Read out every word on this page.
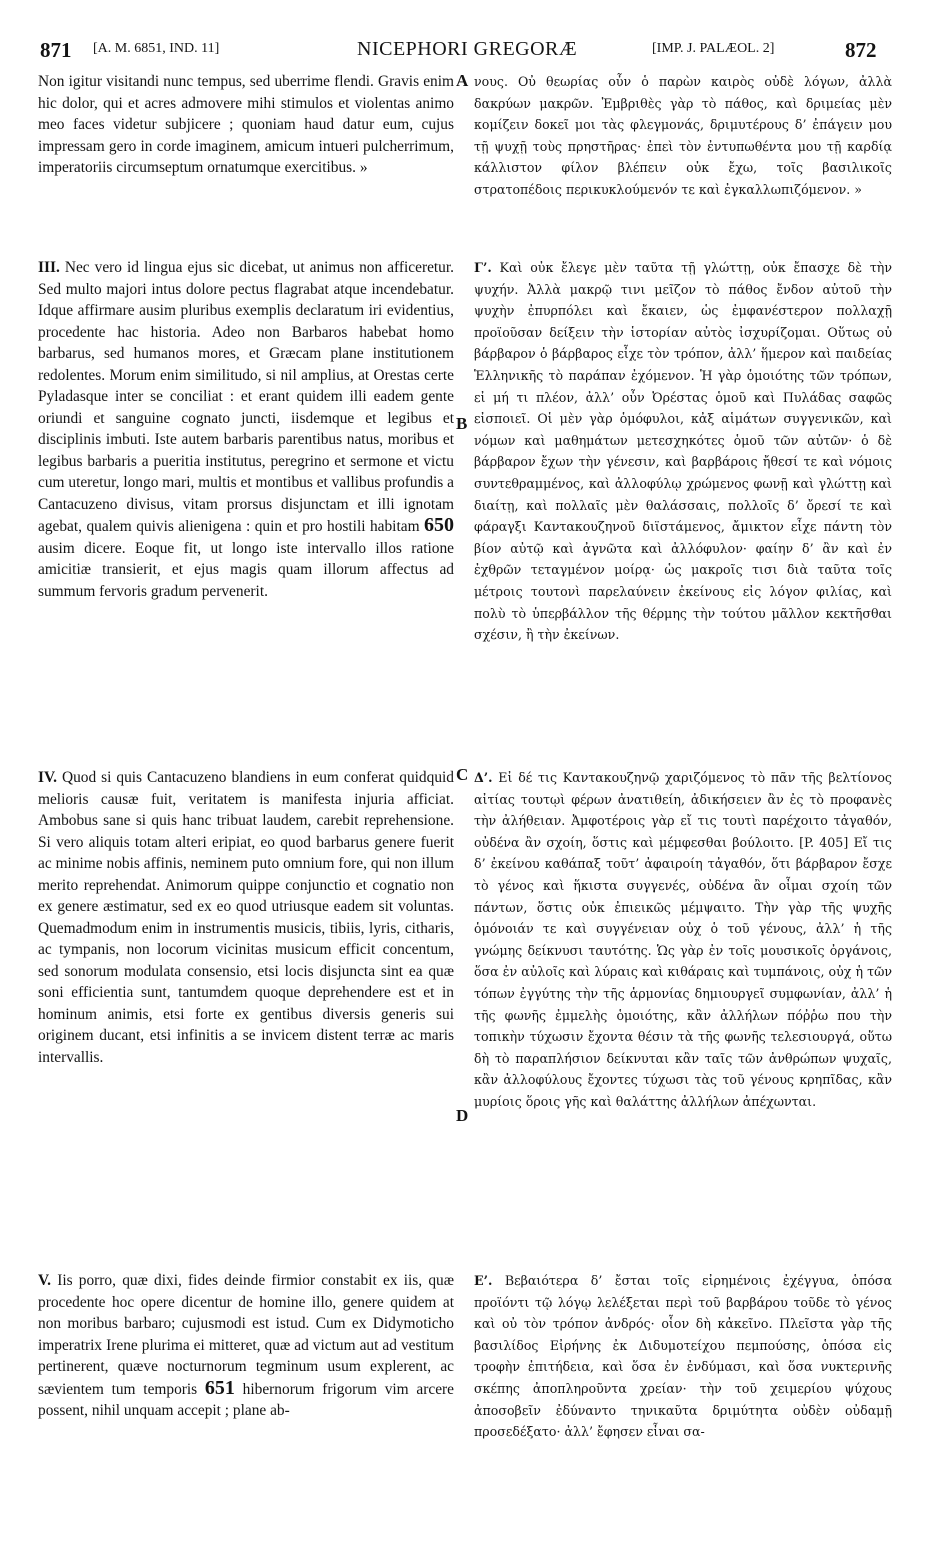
871 [A. M. 6851, IND. 11]	NICEPHORI GREGORÆ	[IMP. J. PALÆOL. 2]	872

Non igitur visitandi nunc tempus, sed uberrime flendi. Gravis enim hic dolor, qui et acres admovere mihi stimulos et violentas animo meo faces videtur subjicere ; quoniam haud datur eum, cujus impressam gero in corde imaginem, amicum intueri pulcherrimum, imperatoriis circumseptum ornatumque exercitibus. »

III. Nec vero id lingua ejus sic dicebat, ut animus non afficeretur. Sed multo majori intus dolore pectus flagrabat atque incendebatur. Idque affirmare ausim pluribus exemplis declaratum iri evidentius, procedente hac historia. Adeo non Barbaros habebat homo barbarus, sed humanos mores, et Græcam plane institutionem redolentes. Morum enim similitudo, si nil amplius, at Orestas certe Pyladasque inter se conciliat : et erant quidem illi eadem gente oriundi et sanguine cognato juncti, iisdemque et legibus et disciplinis imbuti. Iste autem barbaris parentibus natus, moribus et legibus barbaris a pueritia institutus, peregrino et sermone et victu cum uteretur, longo mari, multis et montibus et vallibus profundis a Cantacuzeno divisus, vitam prorsus disjunctam et illi ignotam agebat, qualem quivis alienigena : quin et pro hostili habitam 650 ausim dicere. Eoque fit, ut longo iste intervallo illos ratione amicitiæ transierit, et ejus magis quam illorum affectus ad summum fervoris gradum pervenerit.

IV. Quod si quis Cantacuzeno blandiens in eum conferat quidquid melioris causæ fuit, veritatem is manifesta injuria afficiat. Ambobus sane si quis hanc tribuat laudem, carebit reprehensione. Si vero aliquis totam alteri eripiat, eo quod barbarus genere fuerit ac minime nobis affinis, neminem puto omnium fore, qui non illum merito reprehendat. Animorum quippe conjunctio et cognatio non ex genere æstimatur, sed ex eo quod utriusque eadem sit voluntas. Quemadmodum enim in instrumentis musicis, tibiis, lyris, citharis, ac tympanis, non locorum vicinitas musicum efficit concentum, sed sonorum modulata consensio, etsi locis disjuncta sint ea quæ soni efficientia sunt, tantumdem quoque deprehendere est et in hominum animis, etsi forte ex gentibus diversis generis sui originem ducant, etsi infinitis a se invicem distent terræ ac maris intervallis.

V. Iis porro, quæ dixi, fides deinde firmior constabit ex iis, quæ procedente hoc opere dicentur de homine illo, genere quidem at non moribus barbaro; cujusmodi est istud. Cum ex Didymoticho imperatrix Irene plurima ei mitteret, quæ ad victum aut ad vestitum pertinerent, quæve nocturnorum tegminum usum explerent, ac sævientem tum temporis 651 hibernorum frigorum vim arcere possent, nihil unquam accepit ; plane ab-

A
B
C
D

νους. Οὐ θεωρίας οὖν ὁ παρὼν καιρὸς οὐδὲ λόγων, ἀλλὰ δακρύων μακρῶν. Ἐμβριθὲς γὰρ τὸ πάθος, καὶ δριμείας μὲν κομίζειν δοκεῖ μοι τὰς φλεγμονάς, δριμυτέρους δ’ ἐπάγειν μου τῇ ψυχῇ τοὺς πρηστῆρας· ἐπεὶ τὸν ἐντυπωθέντα μου τῇ καρδίᾳ κάλλιστον φίλον βλέπειν οὐκ ἔχω, τοῖς βασιλικοῖς στρατοπέδοις περικυκλούμενόν τε καὶ ἐγκαλλωπιζόμενον. »

Γ’. Καὶ οὐκ ἔλεγε μὲν ταῦτα τῇ γλώττῃ, οὐκ ἔπασχε δὲ τὴν ψυχήν. Ἀλλὰ μακρῷ τινι μεῖζον τὸ πάθος ἔνδον αὐτοῦ τὴν ψυχὴν ἐπυρπόλει καὶ ἔκαιεν, ὡς ἐμφανέστερον πολλαχῇ προϊοῦσαν δείξειν τὴν ἱστορίαν αὐτὸς ἰσχυρίζομαι. Οὕτως οὐ βάρβαρον ὁ βάρβαρος εἶχε τὸν τρόπον, ἀλλ’ ἥμερον καὶ παιδείας Ἑλληνικῆς τὸ παράπαν ἐχόμενον. Ἡ γὰρ ὁμοιότης τῶν τρόπων, εἰ μή τι πλέον, ἀλλ’ οὖν Ὀρέστας ὁμοῦ καὶ Πυλάδας σαφῶς εἰσποιεῖ. Οἱ μὲν γὰρ ὁμόφυλοι, κἀξ αἱμάτων συγγενικῶν, καὶ νόμων καὶ μαθημάτων μετεσχηκότες ὁμοῦ τῶν αὐτῶν· ὁ δὲ βάρβαρον ἔχων τὴν γένεσιν, καὶ βαρβάροις ἤθεσί τε καὶ νόμοις συντεθραμμένος, καὶ ἀλλοφύλῳ χρώμενος φωνῇ καὶ γλώττῃ καὶ διαίτῃ, καὶ πολλαῖς μὲν θαλάσσαις, πολλοῖς δ’ ὄρεσί τε καὶ φάραγξι Καντακουζηνοῦ διϊστάμενος, ἄμικτον εἶχε πάντη τὸν βίον αὐτῷ καὶ ἀγνῶτα καὶ ἀλλόφυλον· φαίην δ’ ἂν καὶ ἐν ἐχθρῶν τεταγμένον μοίρᾳ· ὡς μακροῖς τισι διὰ ταῦτα τοῖς μέτροις τουτονὶ παρελαύνειν ἐκείνους εἰς λόγον φιλίας, καὶ πολὺ τὸ ὑπερβάλλον τῆς θέρμης τὴν τούτου μᾶλλον κεκτῆσθαι σχέσιν, ἢ τὴν ἐκείνων.

Δ’. Εἰ δέ τις Καντακουζηνῷ χαριζόμενος τὸ πᾶν τῆς βελτίονος αἰτίας τουτῳὶ φέρων ἀνατιθείη, ἀδικήσειεν ἂν ἐς τὸ προφανὲς τὴν ἀλήθειαν. Ἀμφοτέροις γὰρ εἴ τις τουτὶ παρέχοιτο τἀγαθόν, οὐδένα ἂν σχοίη, ὅστις καὶ μέμφεσθαι βούλοιτο. [P. 405] Εἴ τις δ’ ἐκείνου καθάπαξ τοῦτ’ ἀφαιροίη τἀγαθόν, ὅτι βάρβαρον ἔσχε τὸ γένος καὶ ἥκιστα συγγενές, οὐδένα ἂν οἶμαι σχοίη τῶν πάντων, ὅστις οὐκ ἐπιεικῶς μέμψαιτο. Τὴν γὰρ τῆς ψυχῆς ὁμόνοιάν τε καὶ συγγένειαν οὐχ ὁ τοῦ γένους, ἀλλ’ ἡ τῆς γνώμης δείκνυσι ταυτότης. Ὡς γὰρ ἐν τοῖς μουσικοῖς ὀργάνοις, ὅσα ἐν αὐλοῖς καὶ λύραις καὶ κιθάραις καὶ τυμπάνοις, οὐχ ἡ τῶν τόπων ἐγγύτης τὴν τῆς ἁρμονίας δημιουργεῖ συμφωνίαν, ἀλλ’ ἡ τῆς φωνῆς ἐμμελὴς ὁμοιότης, κἂν ἀλλήλων πόῤῥω που τὴν τοπικὴν τύχωσιν ἔχοντα θέσιν τὰ τῆς φωνῆς τελεσιουργά, οὕτω δὴ τὸ παραπλήσιον δείκνυται κἂν ταῖς τῶν ἀνθρώπων ψυχαῖς, κἂν ἀλλοφύλους ἔχοντες τύχωσι τὰς τοῦ γένους κρηπῖδας, κἂν μυρίοις ὅροις γῆς καὶ θαλάττης ἀλλήλων ἀπέχωνται.

Ε’. Βεβαιότερα δ’ ἔσται τοῖς εἰρημένοις ἐχέγγυα, ὁπόσα προϊόντι τῷ λόγῳ λελέξεται περὶ τοῦ βαρβάρου τοῦδε τὸ γένος καὶ οὐ τὸν τρόπον ἀνδρός· οἷον δὴ κἀκεῖνο. Πλεῖστα γὰρ τῆς βασιλίδος Εἰρήνης ἐκ Διδυμοτείχου πεμπούσης, ὁπόσα εἰς τροφὴν ἐπιτήδεια, καὶ ὅσα ἐν ἐνδύμασι, καὶ ὅσα νυκτερινῆς σκέπης ἀποπληροῦντα χρείαν· τὴν τοῦ χειμερίου ψύχους ἀποσοβεῖν ἐδύναντο τηνικαῦτα δριμύτητα οὐδὲν οὐδαμῇ προσεδέξατο· ἀλλ’ ἔφησεν εἶναι σα-
